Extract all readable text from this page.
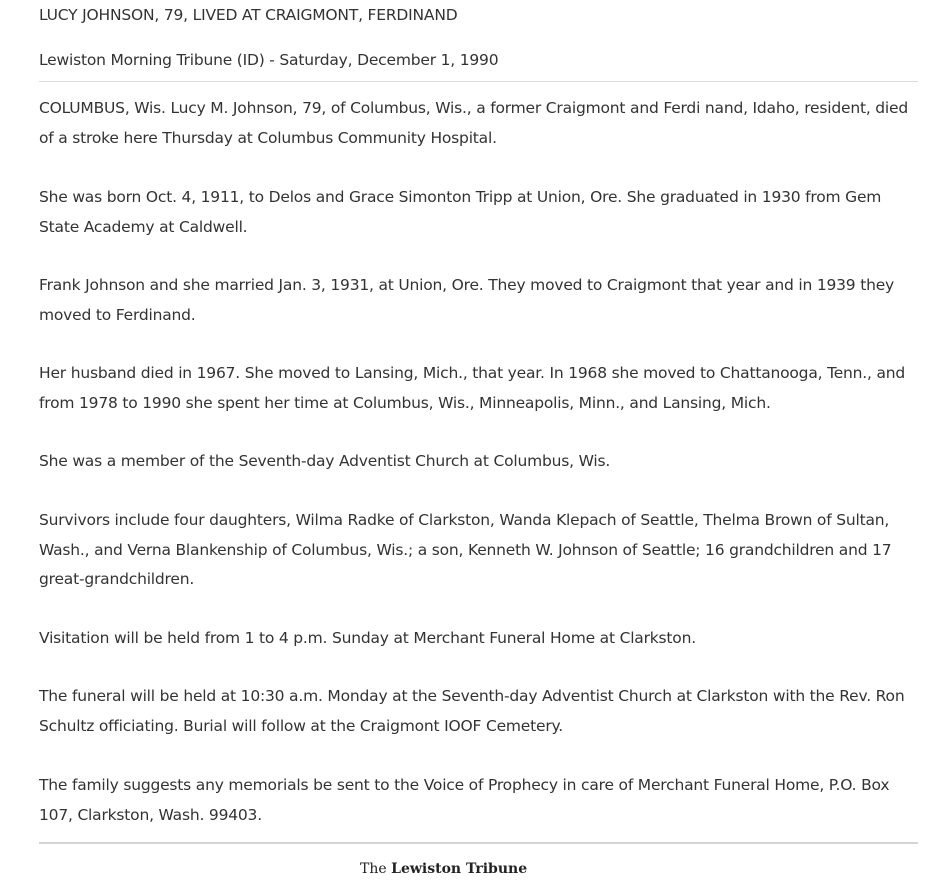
LUCY JOHNSON, 79, LIVED AT CRAIGMONT, FERDINAND
Lewiston Morning Tribune (ID) - Saturday, December 1, 1990

COLUMBUS, Wis. Lucy M. Johnson, 79, of Columbus, Wis., a former Craigmont and Ferdi nand, Idaho, resident, died of a stroke here Thursday at Columbus Community Hospital.

She was born Oct. 4, 1911, to Delos and Grace Simonton Tripp at Union, Ore. She graduated in 1930 from Gem State Academy at Caldwell.

Frank Johnson and she married Jan. 3, 1931, at Union, Ore. They moved to Craigmont that year and in 1939 they moved to Ferdinand.

Her husband died in 1967. She moved to Lansing, Mich., that year. In 1968 she moved to Chattanooga, Tenn., and from 1978 to 1990 she spent her time at Columbus, Wis., Minneapolis, Minn., and Lansing, Mich.

She was a member of the Seventh-day Adventist Church at Columbus, Wis.

Survivors include four daughters, Wilma Radke of Clarkston, Wanda Klepach of Seattle, Thelma Brown of Sultan, Wash., and Verna Blankenship of Columbus, Wis.; a son, Kenneth W. Johnson of Seattle; 16 grandchildren and 17 great-grandchildren.

Visitation will be held from 1 to 4 p.m. Sunday at Merchant Funeral Home at Clarkston.

The funeral will be held at 10:30 a.m. Monday at the Seventh-day Adventist Church at Clarkston with the Rev. Ron Schultz officiating. Burial will follow at the Craigmont IOOF Cemetery.

The family suggests any memorials be sent to the Voice of Prophecy in care of Merchant Funeral Home, P.O. Box 107, Clarkston, Wash. 99403.

The Lewiston Tribune
